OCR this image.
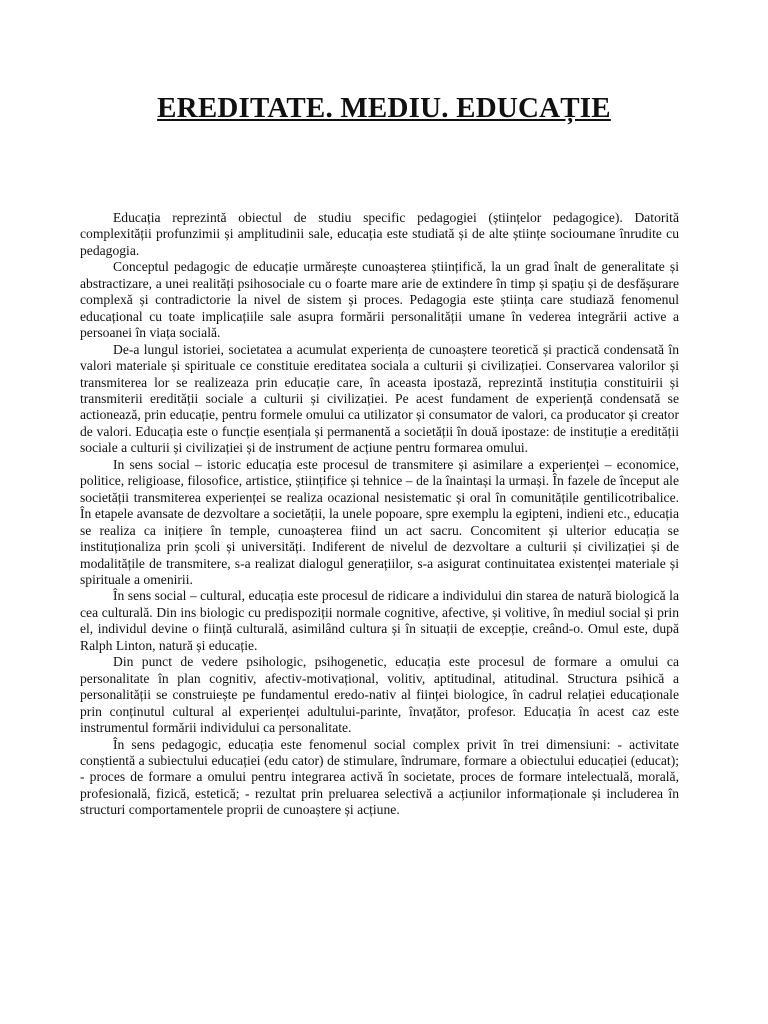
EREDITATE. MEDIU. EDUCAȚIE

Educația reprezintă obiectul de studiu specific pedagogiei (științelor pedagogice). Datorită complexității profunzimii și amplitudinii sale, educația este studiată și de alte științe socioumane înrudite cu pedagogia.

Conceptul pedagogic de educație urmărește cunoașterea științifică, la un grad înalt de generalitate și abstractizare, a unei realități psihosociale cu o foarte mare arie de extindere în timp și spațiu și de desfășurare complexă și contradictorie la nivel de sistem și proces. Pedagogia este știința care studiază fenomenul educațional cu toate implicațiile sale asupra formării personalității umane în vederea integrării active a persoanei în viața socială.

De-a lungul istoriei, societatea a acumulat experiența de cunoaștere teoretică și practică condensată în valori materiale și spirituale ce constituie ereditatea sociala a culturii și civilizației. Conservarea valorilor și transmiterea lor se realizeaza prin educație care, în aceasta ipostază, reprezintă instituția constituirii și transmiterii eredității sociale a culturii și civilizației. Pe acest fundament de experiență condensată se actionează, prin educație, pentru formele omului ca utilizator și consumator de valori, ca producator și creator de valori. Educația este o funcție esențiala și permanentă a societății în două ipostaze: de instituție a eredității sociale a culturii și civilizației și de instrument de acțiune pentru formarea omului.

In sens social – istoric educația este procesul de transmitere și asimilare a experienței – economice, politice, religioase, filosofice, artistice, științifice și tehnice – de la înaintași la urmași. În fazele de început ale societății transmiterea experienței se realiza ocazional nesistematic și oral în comunitățile gentilicotribalice. În etapele avansate de dezvoltare a societății, la unele popoare, spre exemplu la egipteni, indieni etc., educația se realiza ca inițiere în temple, cunoașterea fiind un act sacru. Concomitent și ulterior educația se instituționaliza prin școli și universități. Indiferent de nivelul de dezvoltare a culturii și civilizației și de modalitățile de transmitere, s-a realizat dialogul generațiilor, s-a asigurat continuitatea existenței materiale și spirituale a omenirii.

În sens social – cultural, educația este procesul de ridicare a individului din starea de natură biologică la cea culturală. Din ins biologic cu predispoziții normale cognitive, afective, și volitive, în mediul social și prin el, individul devine o ființă culturală, asimilând cultura și în situații de excepție, creând-o. Omul este, după Ralph Linton, natură și educație.

Din punct de vedere psihologic, psihogenetic, educația este procesul de formare a omului ca personalitate în plan cognitiv, afectiv-motivațional, volitiv, aptitudinal, atitudinal. Structura psihică a personalității se construiește pe fundamentul eredo-nativ al ființei biologice, în cadrul relației educaționale prin conținutul cultural al experienței adultului-parinte, învațător, profesor. Educația în acest caz este instrumentul formării individului ca personalitate.

În sens pedagogic, educația este fenomenul social complex privit în trei dimensiuni: - activitate conștientă a subiectului educației (edu cator) de stimulare, îndrumare, formare a obiectului educației (educat); - proces de formare a omului pentru integrarea activă în societate, proces de formare intelectuală, morală, profesională, fizică, estetică; - rezultat prin preluarea selectivă a acțiunilor informaționale și includerea în structuri comportamentele proprii de cunoaștere și acțiune.
